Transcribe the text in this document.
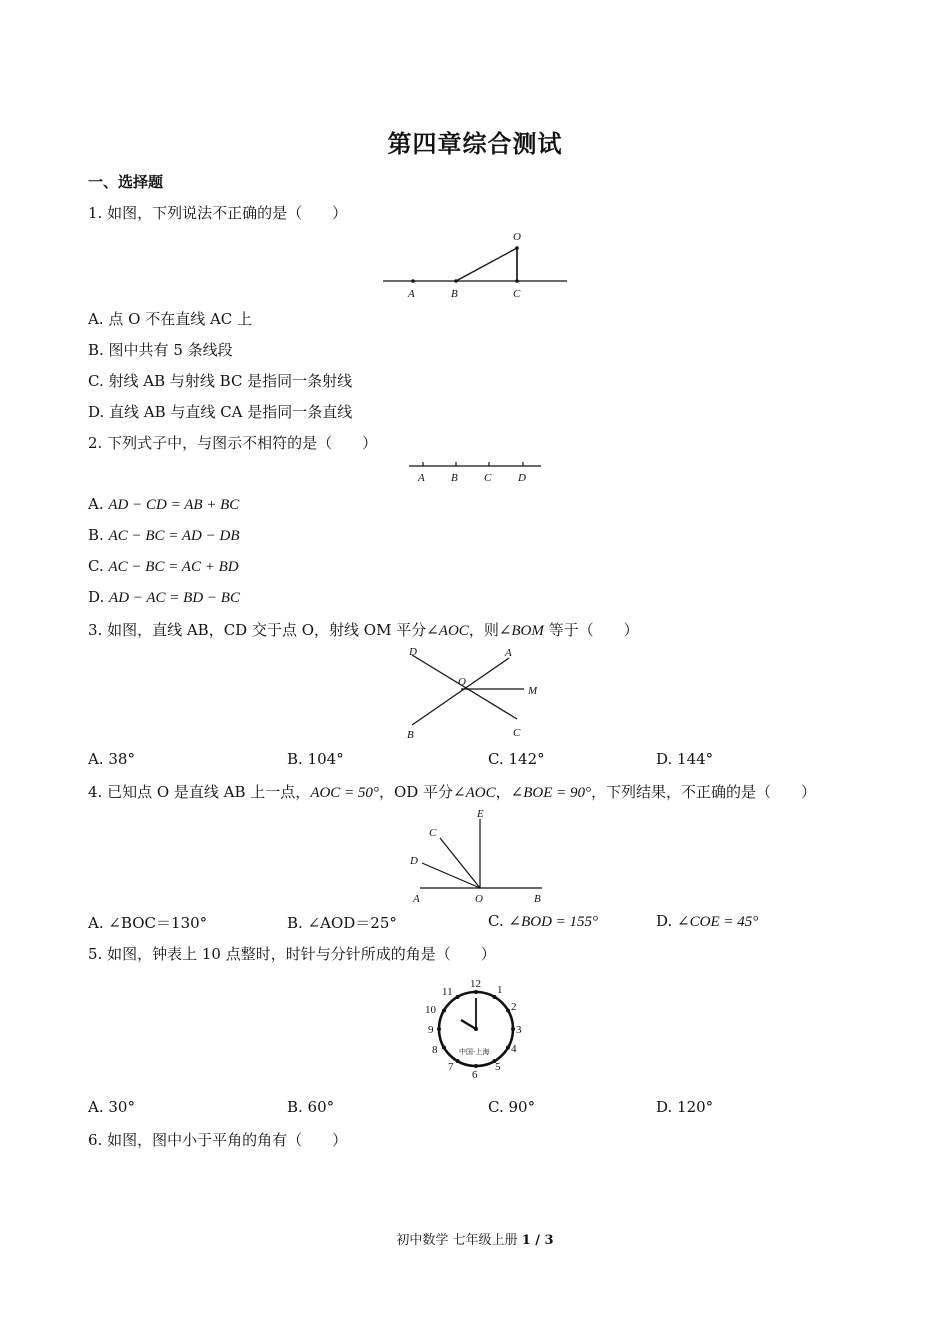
第四章综合测试
一、选择题
1. 如图，下列说法不正确的是（　　）
O
A	B	C
A. 点 O 不在直线 AC 上
B. 图中共有 5 条线段
C. 射线 AB 与射线 BC 是指同一条射线
D. 直线 AB 与直线 CA 是指同一条直线
2. 下列式子中，与图示不相符的是（　　）
A B C D
A. AD − CD = AB + BC
B. AC − BC = AD − DB
C. AC − BC = AC + BD
D. AD − AC = BD − BC
3. 如图，直线 AB，CD 交于点 O，射线 OM 平分∠AOC，则∠BOM 等于（　　）
D	A
O
M
B	C
A. 38°	B. 104°	C. 142°	D. 144°
4. 已知点 O 是直线 AB 上一点，AOC = 50°，OD 平分∠AOC，∠BOE = 90°，下列结果，不正确的是（　　）
E
C
D
A	O	B
A. ∠BOC＝130°	B. ∠AOD＝25°	C. ∠BOD = 155°	D. ∠COE = 45°
5. 如图，钟表上 10 点整时，时针与分针所成的角是（　　）
12 1
2
3
4
5
6
7
8
9
10
11
中国·上海
A. 30°	B. 60°	C. 90°	D. 120°
6. 如图，图中小于平角的角有（　　）
初中数学 七年级上册 1 / 3
